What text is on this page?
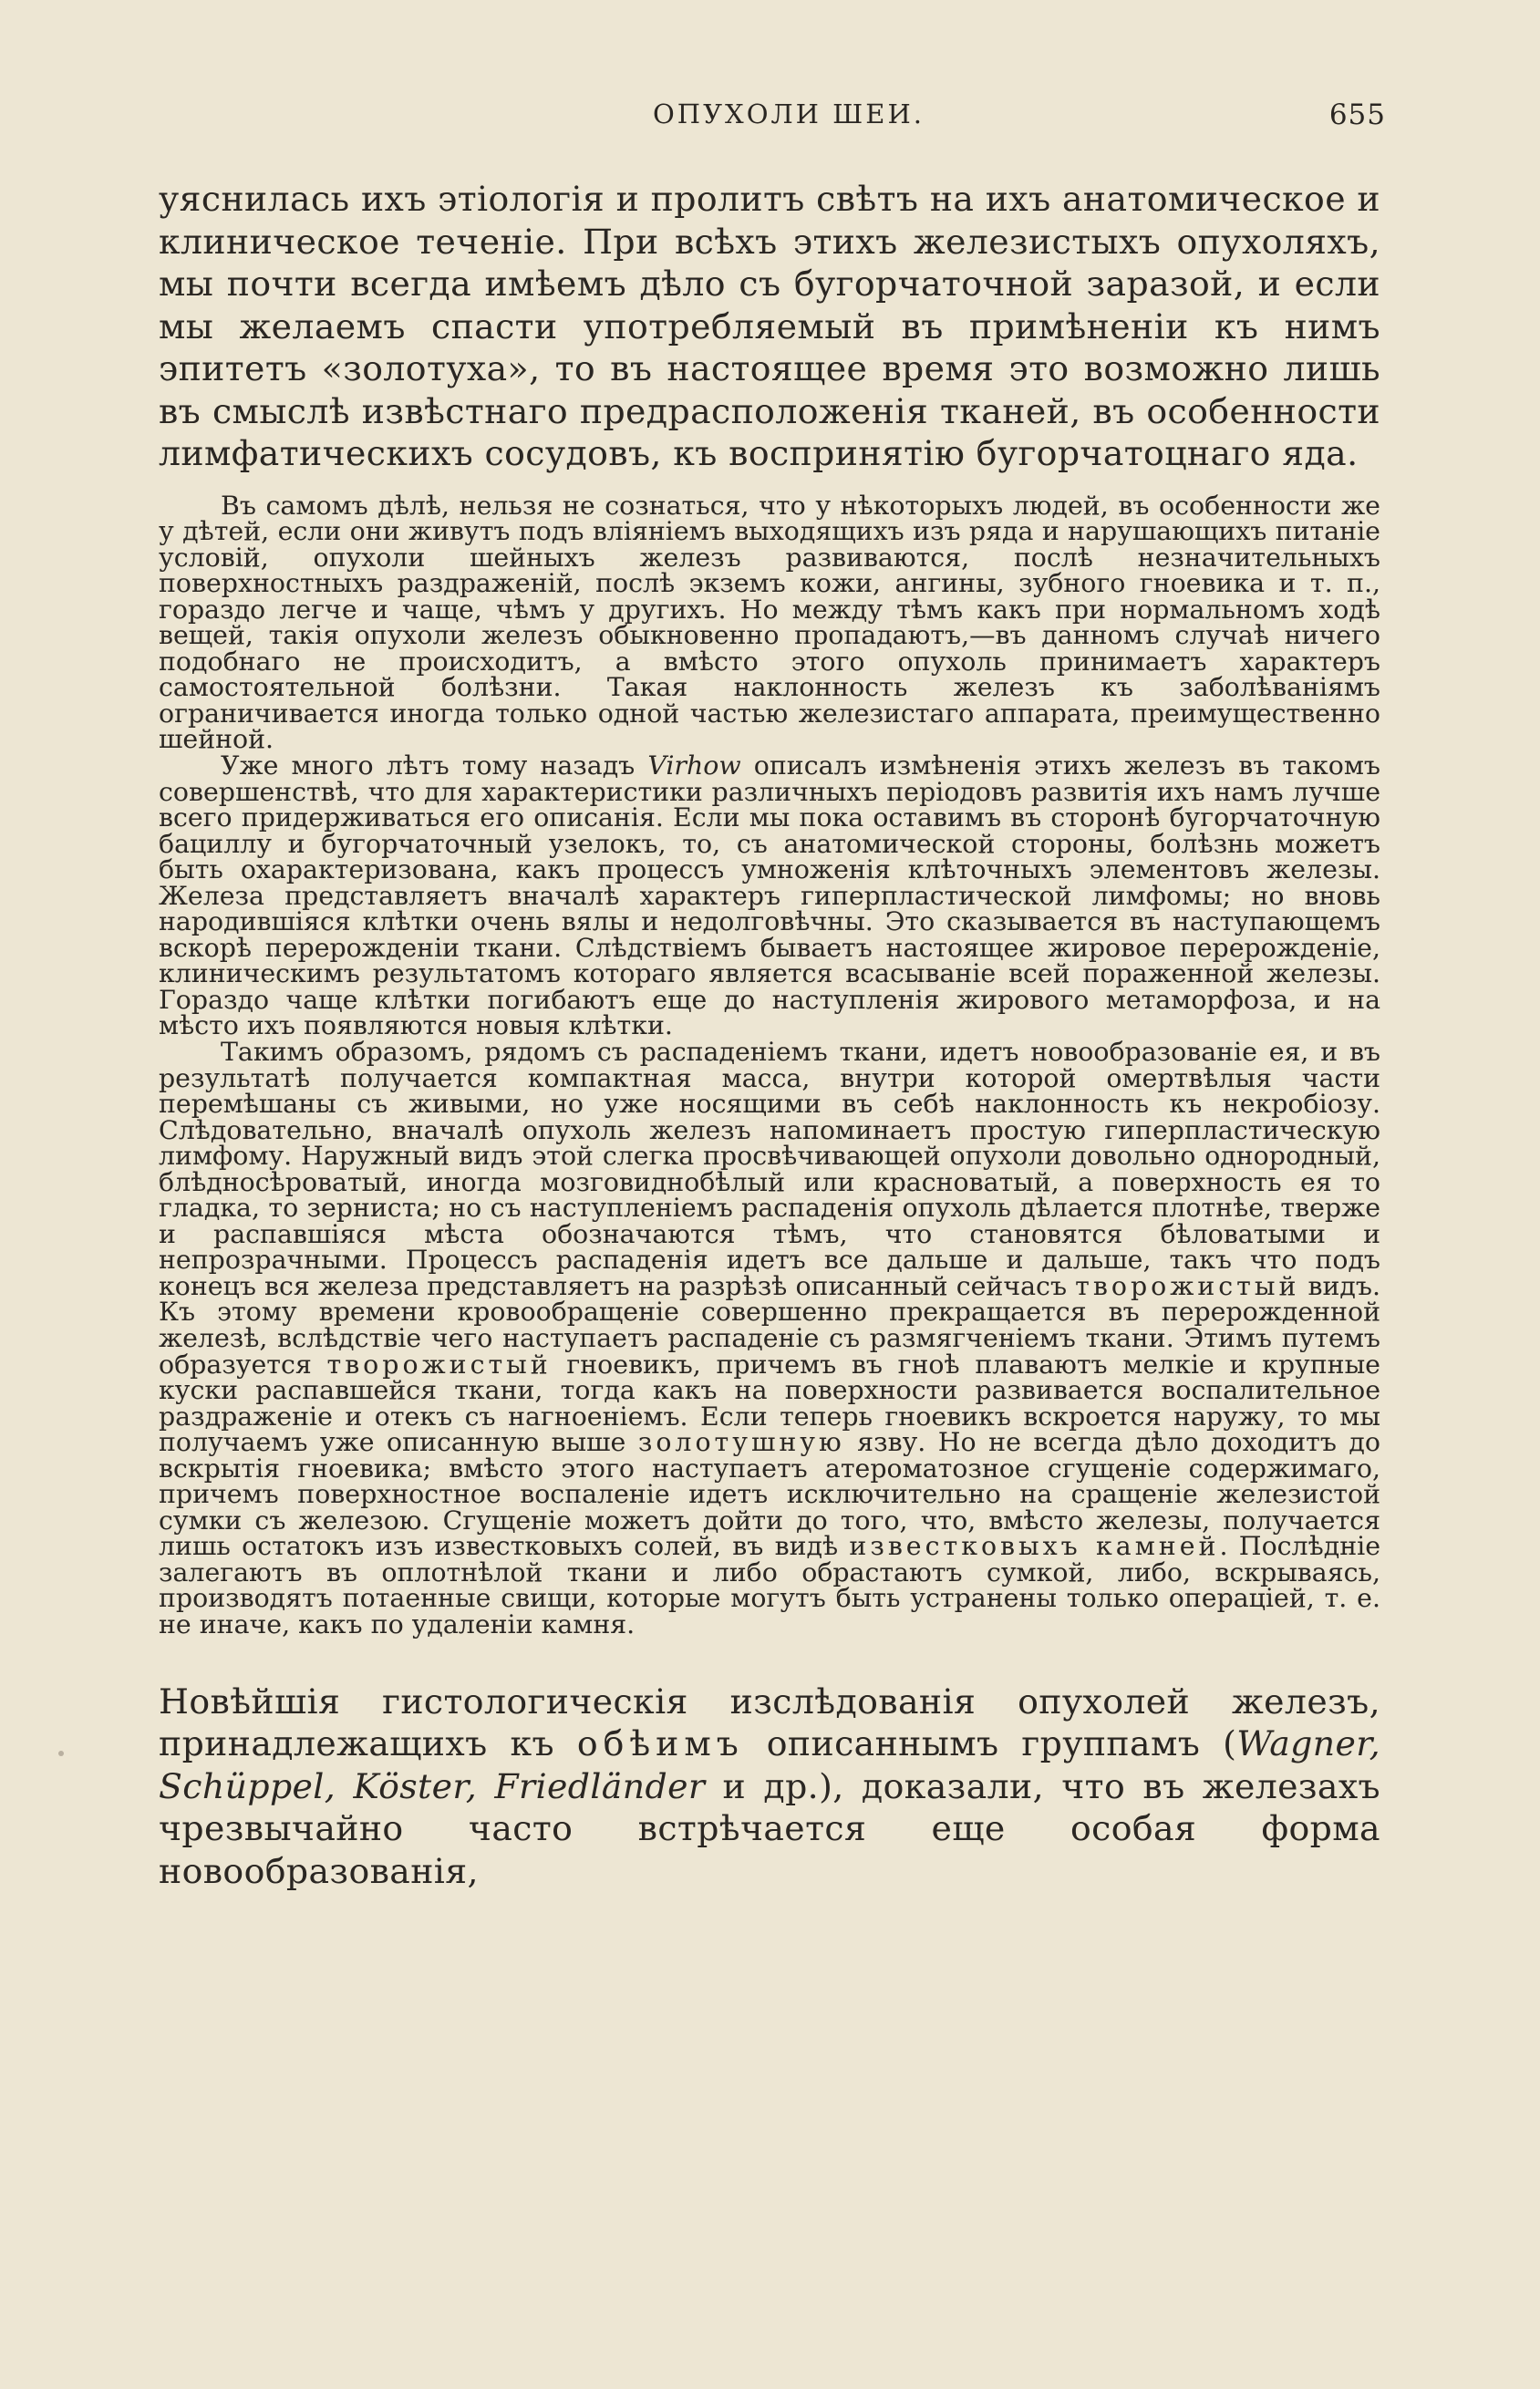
ОПУХОЛИ ШЕИ.	655

уяснилась ихъ этіологія и пролитъ свѣтъ на ихъ анатомическое и клиническое теченіе. При всѣхъ этихъ железистыхъ опухоляхъ, мы почти всегда имѣемъ дѣло съ бугорчаточной заразой, и если мы желаемъ спасти употребляемый въ примѣненіи къ нимъ эпитетъ «золотуха», то въ настоящее время это возможно лишь въ смыслѣ извѣстнаго предрасположенія тканей, въ особенности лимфатическихъ сосудовъ, къ воспринятію бугорчатоцнаго яда.

Въ самомъ дѣлѣ, нельзя не сознаться, что у нѣкоторыхъ людей, въ особенности же у дѣтей, если они живутъ подъ вліяніемъ выходящихъ изъ ряда и нарушающихъ питаніе условій, опухоли шейныхъ железъ развиваются, послѣ незначительныхъ поверхностныхъ раздраженій, послѣ экземъ кожи, ангины, зубного гноевика и т. п., гораздо легче и чаще, чѣмъ у другихъ. Но между тѣмъ какъ при нормальномъ ходѣ вещей, такія опухоли железъ обыкновенно пропадаютъ,—въ данномъ случаѣ ничего подобнаго не происходитъ, а вмѣсто этого опухоль принимаетъ характеръ самостоятельной болѣзни. Такая наклонность железъ къ заболѣваніямъ ограничивается иногда только одной частью железистаго аппарата, преимущественно шейной.

Уже много лѣтъ тому назадъ Virhow описалъ измѣненія этихъ железъ въ такомъ совершенствѣ, что для характеристики различныхъ періодовъ развитія ихъ намъ лучше всего придерживаться его описанія. Если мы пока оставимъ въ сторонѣ бугорчаточную бациллу и бугорчаточный узелокъ, то, съ анатомической стороны, болѣзнь можетъ быть охарактеризована, какъ процессъ умноженія клѣточныхъ элементовъ железы. Железа представляетъ вначалѣ характеръ гиперпластической лимфомы; но вновь народившіяся клѣтки очень вялы и недолговѣчны. Это сказывается въ наступающемъ вскорѣ перерожденіи ткани. Слѣдствіемъ бываетъ настоящее жировое перерожденіе, клиническимъ результатомъ котораго является всасываніе всей пораженной железы. Гораздо чаще клѣтки погибаютъ еще до наступленія жирового метаморфоза, и на мѣсто ихъ появляются новыя клѣтки.

Такимъ образомъ, рядомъ съ распаденіемъ ткани, идетъ новообразованіе ея, и въ результатѣ получается компактная масса, внутри которой омертвѣлыя части перемѣшаны съ живыми, но уже носящими въ себѣ наклонность къ некробіозу. Слѣдовательно, вначалѣ опухоль железъ напоминаетъ простую гиперпластическую лимфому. Наружный видъ этой слегка просвѣчивающей опухоли довольно однородный, блѣдносѣроватый, иногда мозговиднобѣлый или красноватый, а поверхность ея то гладка, то зерниста; но съ наступленіемъ распаденія опухоль дѣлается плотнѣе, тверже и распавшіяся мѣста обозначаются тѣмъ, что становятся бѣловатыми и непрозрачными. Процессъ распаденія идетъ все дальше и дальше, такъ что подъ конецъ вся железа представляетъ на разрѣзѣ описанный сейчасъ творожистый видъ. Къ этому времени кровообращеніе совершенно прекращается въ перерожденной железѣ, вслѣдствіе чего наступаетъ распаденіе съ размягченіемъ ткани. Этимъ путемъ образуется творожистый гноевикъ, причемъ въ гноѣ плаваютъ мелкіе и крупные куски распавшейся ткани, тогда какъ на поверхности развивается воспалительное раздраженіе и отекъ съ нагноеніемъ. Если теперь гноевикъ вскроется наружу, то мы получаемъ уже описанную выше золотушную язву. Но не всегда дѣло доходитъ до вскрытія гноевика; вмѣсто этого наступаетъ атероматозное сгущеніе содержимаго, причемъ поверхностное воспаленіе идетъ исключительно на сращеніе железистой сумки съ железою. Сгущеніе можетъ дойти до того, что, вмѣсто железы, получается лишь остатокъ изъ известковыхъ солей, въ видѣ известковыхъ камней. Послѣдніе залегаютъ въ оплотнѣлой ткани и либо обрастаютъ сумкой, либо, вскрываясь, производятъ потаенные свищи, которые могутъ быть устранены только операціей, т. е. не иначе, какъ по удаленіи камня.

Новѣйшія гистологическія изслѣдованія опухолей железъ, принадлежащихъ къ обѣимъ описаннымъ группамъ (Wagner, Schüppel, Köster, Friedländer и др.), доказали, что въ железахъ чрезвычайно часто встрѣчается еще особая форма новообразованія,
